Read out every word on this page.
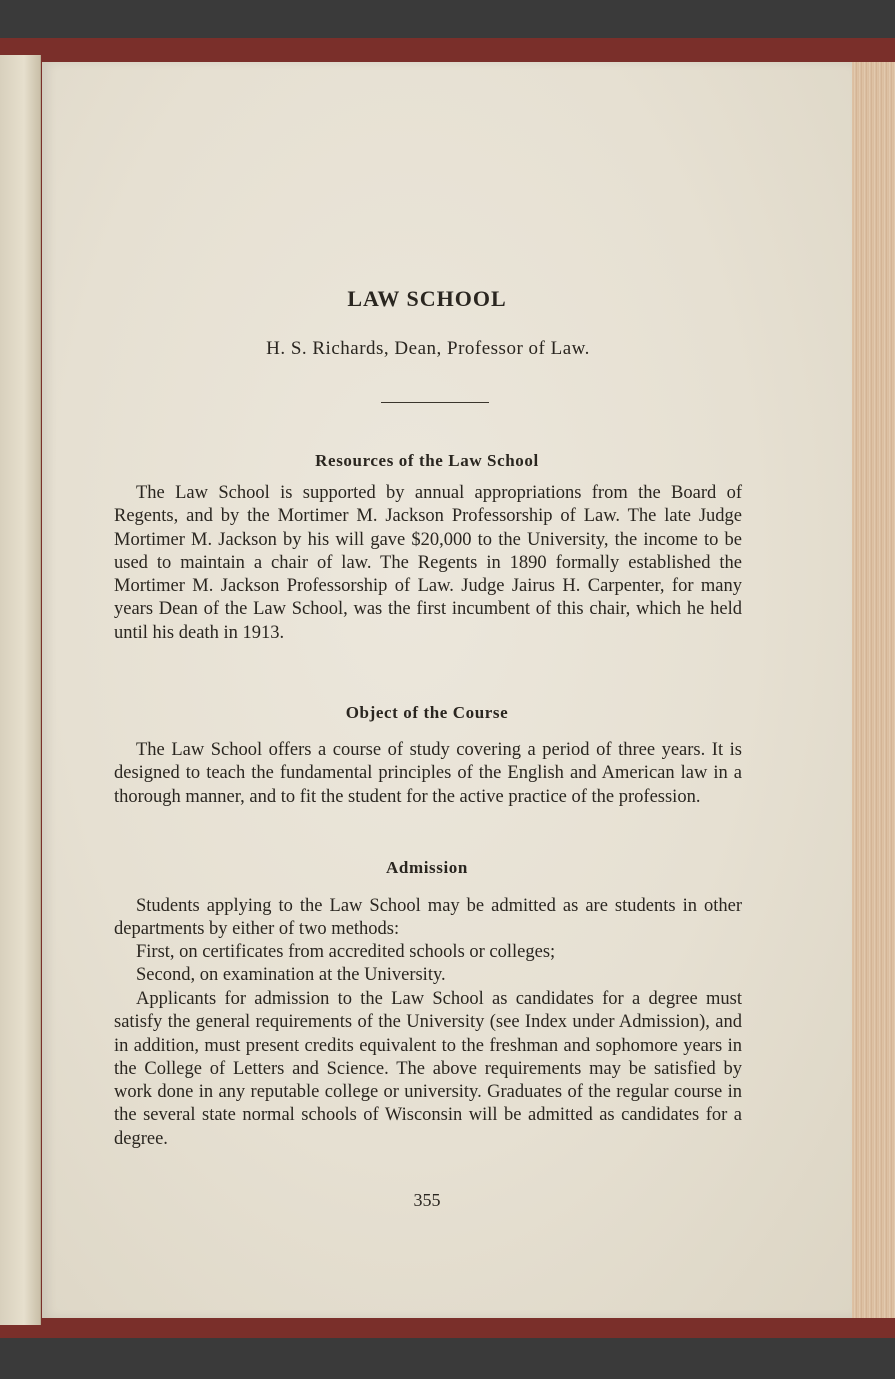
LAW SCHOOL

H. S. Richards, Dean, Professor of Law.

Resources of the Law School

The Law School is supported by annual appropriations from the Board of Regents, and by the Mortimer M. Jackson Professorship of Law. The late Judge Mortimer M. Jackson by his will gave $20,000 to the University, the income to be used to maintain a chair of law. The Regents in 1890 formally established the Mortimer M. Jackson Professorship of Law. Judge Jairus H. Carpenter, for many years Dean of the Law School, was the first incumbent of this chair, which he held until his death in 1913.

Object of the Course

The Law School offers a course of study covering a period of three years. It is designed to teach the fundamental principles of the English and American law in a thorough manner, and to fit the student for the active practice of the profession.

Admission

Students applying to the Law School may be admitted as are students in other departments by either of two methods:

First, on certificates from accredited schools or colleges;

Second, on examination at the University.

Applicants for admission to the Law School as candidates for a degree must satisfy the general requirements of the University (see Index under Admission), and in addition, must present credits equivalent to the freshman and sophomore years in the College of Letters and Science. The above requirements may be satisfied by work done in any reputable college or university. Graduates of the regular course in the several state normal schools of Wisconsin will be admitted as candidates for a degree.

355
